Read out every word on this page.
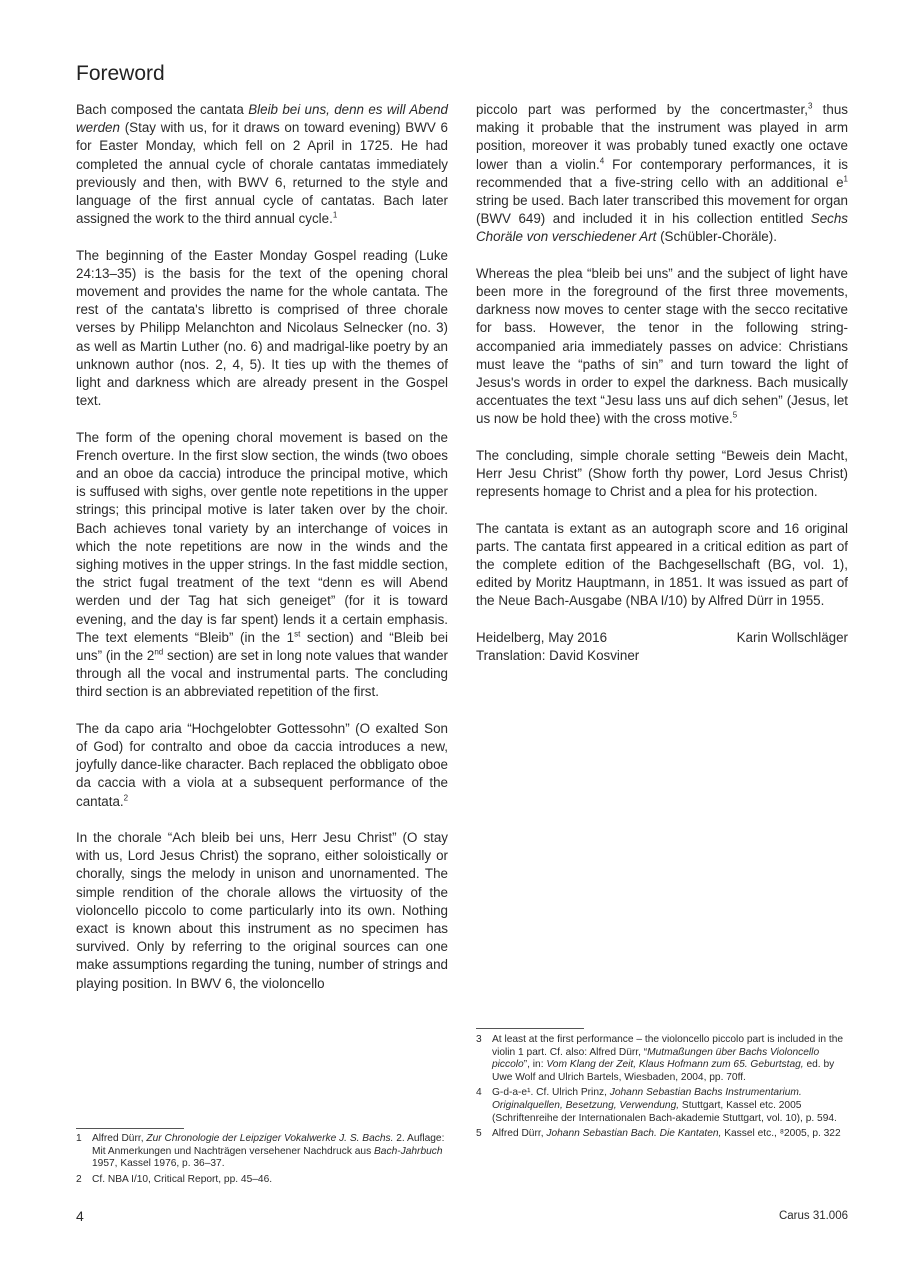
Foreword

Bach composed the cantata Bleib bei uns, denn es will Abend werden (Stay with us, for it draws on toward evening) BWV 6 for Easter Monday, which fell on 2 April in 1725. He had completed the annual cycle of chorale cantatas immediately previously and then, with BWV 6, returned to the style and language of the first annual cycle of cantatas. Bach later assigned the work to the third annual cycle.$^1$

The beginning of the Easter Monday Gospel reading (Luke 24:13–35) is the basis for the text of the opening choral movement and provides the name for the whole cantata. The rest of the cantata's libretto is comprised of three chorale verses by Philipp Melanchton and Nicolaus Selnecker (no. 3) as well as Martin Luther (no. 6) and madrigal-like poetry by an unknown author (nos. 2, 4, 5). It ties up with the themes of light and darkness which are already present in the Gospel text.

The form of the opening choral movement is based on the French overture. In the first slow section, the winds (two oboes and an oboe da caccia) introduce the principal motive, which is suffused with sighs, over gentle note repetitions in the upper strings; this principal motive is later taken over by the choir. Bach achieves tonal variety by an interchange of voices in which the note repetitions are now in the winds and the sighing motives in the upper strings. In the fast middle section, the strict fugal treatment of the text “denn es will Abend werden und der Tag hat sich geneiget” (for it is toward evening, and the day is far spent) lends it a certain emphasis. The text elements “Bleib” (in the 1st section) and “Bleib bei uns” (in the 2nd section) are set in long note values that wander through all the vocal and instrumental parts. The concluding third section is an abbreviated repetition of the first.

The da capo aria “Hochgelobter Gottessohn” (O exalted Son of God) for contralto and oboe da caccia introduces a new, joyfully dance-like character. Bach replaced the obbligato oboe da caccia with a viola at a subsequent performance of the cantata.$^2$

In the chorale “Ach bleib bei uns, Herr Jesu Christ” (O stay with us, Lord Jesus Christ) the soprano, either soloistically or chorally, sings the melody in unison and unornamented. The simple rendition of the chorale allows the virtuosity of the violoncello piccolo to come particularly into its own. Nothing exact is known about this instrument as no specimen has survived. Only by referring to the original sources can one make assumptions regarding the tuning, number of strings and playing position. In BWV 6, the violoncello

piccolo part was performed by the concertmaster,$^3$ thus making it probable that the instrument was played in arm position, moreover it was probably tuned exactly one octave lower than a violin.$^4$ For contemporary performances, it is recommended that a five-string cello with an additional $e^1$ string be used. Bach later transcribed this movement for organ (BWV 649) and included it in his collection entitled Sechs Choräle von verschiedener Art (Schübler-Choräle).

Whereas the plea “bleib bei uns” and the subject of light have been more in the foreground of the first three movements, darkness now moves to center stage with the secco recitative for bass. However, the tenor in the following string-accompanied aria immediately passes on advice: Christians must leave the “paths of sin” and turn toward the light of Jesus's words in order to expel the darkness. Bach musically accentuates the text “Jesu lass uns auf dich sehen” (Jesus, let us now be hold thee) with the cross motive.$^5$

The concluding, simple chorale setting “Beweis dein Macht, Herr Jesu Christ” (Show forth thy power, Lord Jesus Christ) represents homage to Christ and a plea for his protection.

The cantata is extant as an autograph score and 16 original parts. The cantata first appeared in a critical edition as part of the complete edition of the Bachgesellschaft (BG, vol. 1), edited by Moritz Hauptmann, in 1851. It was issued as part of the Neue Bach-Ausgabe (NBA I/10) by Alfred Dürr in 1955.

Heidelberg, May 2016	Karin Wollschläger
Translation: David Kosviner
1	Alfred Dürr, Zur Chronologie der Leipziger Vokalwerke J. S. Bachs. 2. Auflage: Mit Anmerkungen und Nachträgen versehener Nachdruck aus Bach-Jahrbuch 1957, Kassel 1976, p. 36–37.
2	Cf. NBA I/10, Critical Report, pp. 45–46.
3	At least at the first performance – the violoncello piccolo part is included in the violin 1 part. Cf. also: Alfred Dürr, “Mutmaßungen über Bachs Violoncello piccolo”, in: Vom Klang der Zeit, Klaus Hofmann zum 65. Geburtstag, ed. by Uwe Wolf and Ulrich Bartels, Wiesbaden, 2004, pp. 70ff.
4	G-d-a-e¹. Cf. Ulrich Prinz, Johann Sebastian Bachs Instrumentarium. Originalquellen, Besetzung, Verwendung, Stuttgart, Kassel etc. 2005 (Schriftenreihe der Internationalen Bach-akademie Stuttgart, vol. 10), p. 594.
5	Alfred Dürr, Johann Sebastian Bach. Die Kantaten, Kassel etc., ⁸2005, p. 322
4	Carus 31.006
